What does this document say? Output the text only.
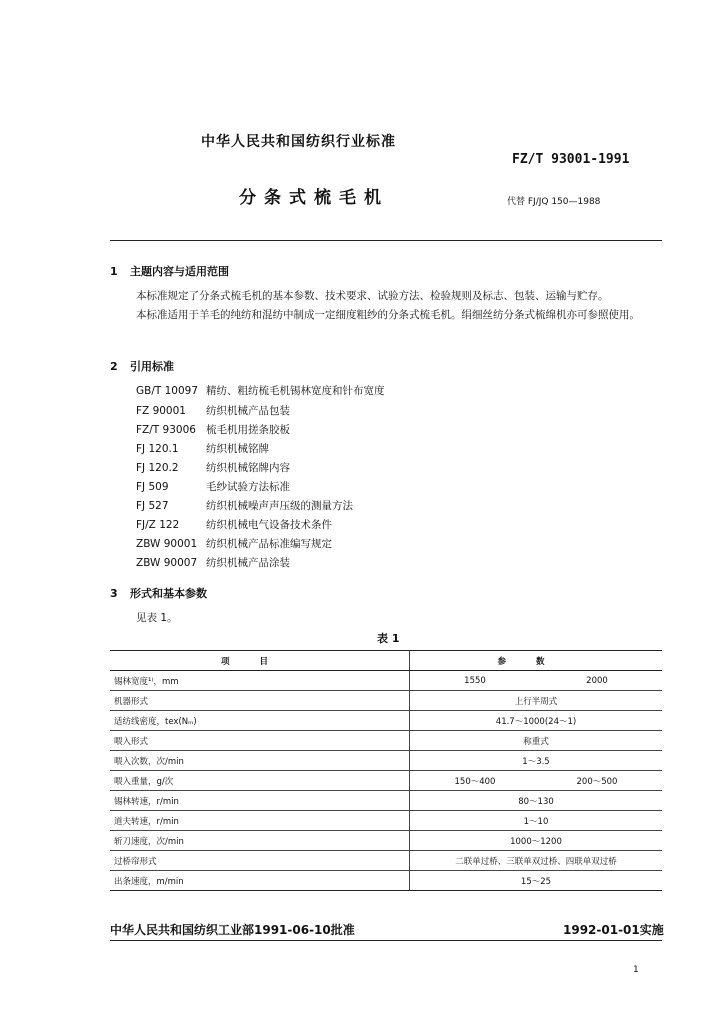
中华人民共和国纺织行业标准
FZ/T 93001-1991
分条式梳毛机	代替 FJ/JQ 150—1988
1 主题内容与适用范围
本标准规定了分条式梳毛机的基本参数、技术要求、试验方法、检验规则及标志、包装、运输与贮存。
本标准适用于羊毛的纯纺和混纺中制成一定细度粗纱的分条式梳毛机。绢细丝纺分条式梳绵机亦可参照使用。
2 引用标准
GB/T 10097 精纺、粗纺梳毛机锡林宽度和针布宽度
FZ 90001 纺织机械产品包装
FZ/T 93006 梳毛机用搓条胶板
FJ 120.1	纺织机械铭牌
FJ 120.2	纺织机械铭牌内容
FJ 509	毛纱试验方法标准
FJ 527	纺织机械噪声声压级的测量方法
FJ/Z 122	纺织机械电气设备技术条件
ZBW 90001 纺织机械产品标准编写规定
ZBW 90007 纺织机械产品涂装
3 形式和基本参数
见表 1。
表 1
项目	参数
锡林宽度¹⁾，mm	1550 2000

机器形式	上行半周式
适纺线密度，tex(Nₘ)	41.7～1000(24～1)
喂入形式	称重式
喂入次数，次/min	1～3.5
喂入重量，g/次	150～400 200～500

锡林转速，r/min	80～130
道夫转速，r/min	1～10
斩刀速度，次/min	1000～1200
过桥帘形式	二联单过桥、三联单双过桥、四联单双过桥
出条速度，m/min	15～25
中华人民共和国纺织工业部1991-06-10批准	1992-01-01实施
1
